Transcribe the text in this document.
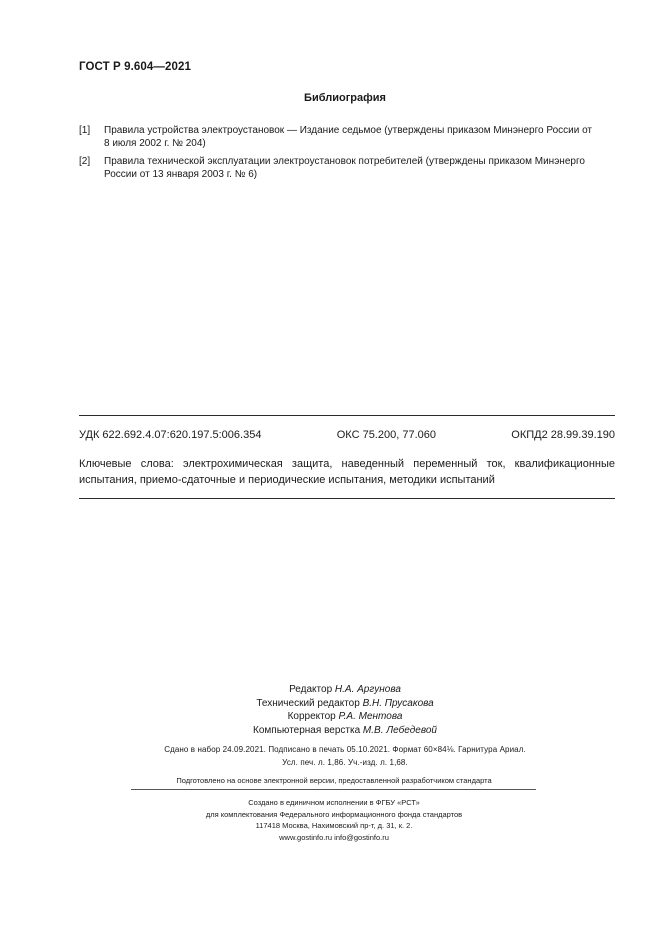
ГОСТ Р 9.604—2021
Библиография
[1]	Правила устройства электроустановок — Издание седьмое (утверждены приказом Минэнерго России от 8 июля 2002 г. № 204)
[2]	Правила технической эксплуатации электроустановок потребителей (утверждены приказом Минэнерго России от 13 января 2003 г. № 6)
УДК 622.692.4.07:620.197.5:006.354	ОКС 75.200, 77.060	ОКПД2 28.99.39.190
Ключевые слова: электрохимическая защита, наведенный переменный ток, квалификационные испытания, приемо-сдаточные и периодические испытания, методики испытаний
Редактор Н.А. Аргунова
Технический редактор В.Н. Прусакова
Корректор Р.А. Ментова
Компьютерная верстка М.В. Лебедевой
Сдано в набор 24.09.2021. Подписано в печать 05.10.2021. Формат 60×84⅛. Гарнитура Ариал.
Усл. печ. л. 1,86. Уч.-изд. л. 1,68.
Подготовлено на основе электронной версии, предоставленной разработчиком стандарта
Создано в единичном исполнении в ФГБУ «РСТ»
для комплектования Федерального информационного фонда стандартов
117418 Москва, Нахимовский пр-т, д. 31, к. 2.
www.gostinfo.ru info@gostinfo.ru
